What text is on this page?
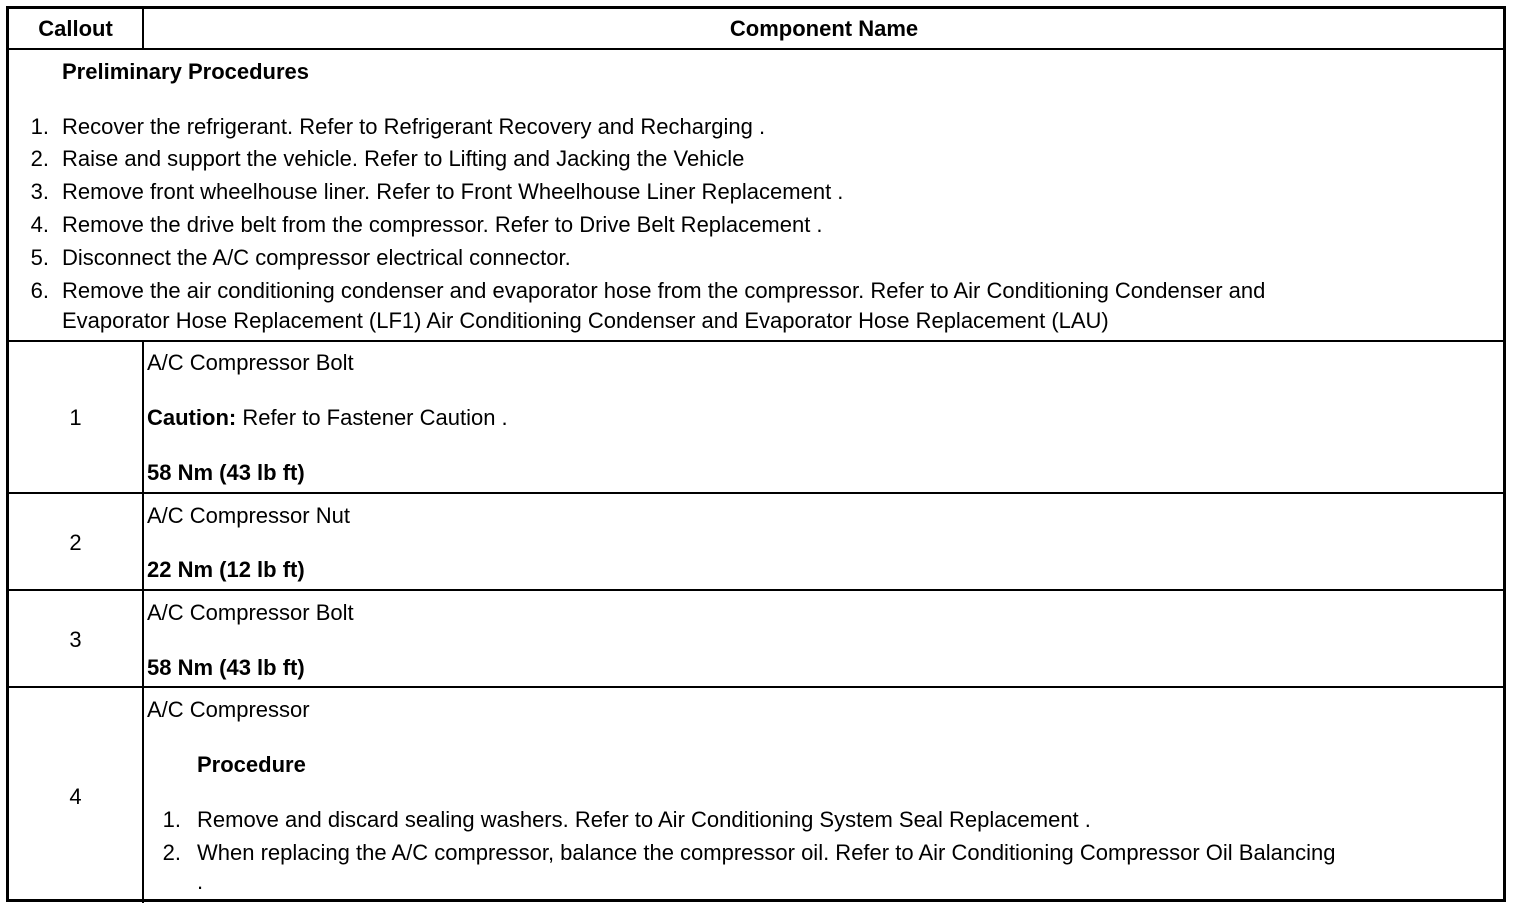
Callout	Component Name
Preliminary Procedures
1. Recover the refrigerant. Refer to Refrigerant Recovery and Recharging .
2. Raise and support the vehicle. Refer to Lifting and Jacking the Vehicle
3. Remove front wheelhouse liner. Refer to Front Wheelhouse Liner Replacement .
4. Remove the drive belt from the compressor. Refer to Drive Belt Replacement .
5. Disconnect the A/C compressor electrical connector.
6. Remove the air conditioning condenser and evaporator hose from the compressor. Refer to Air Conditioning Condenser and
Evaporator Hose Replacement (LF1) Air Conditioning Condenser and Evaporator Hose Replacement (LAU)
1
A/C Compressor Bolt
Caution: Refer to Fastener Caution .
58 Nm (43 lb ft)
2
A/C Compressor Nut
22 Nm (12 lb ft)
3
A/C Compressor Bolt
58 Nm (43 lb ft)
4
A/C Compressor
Procedure
1. Remove and discard sealing washers. Refer to Air Conditioning System Seal Replacement .
2. When replacing the A/C compressor, balance the compressor oil. Refer to Air Conditioning Compressor Oil Balancing
.
